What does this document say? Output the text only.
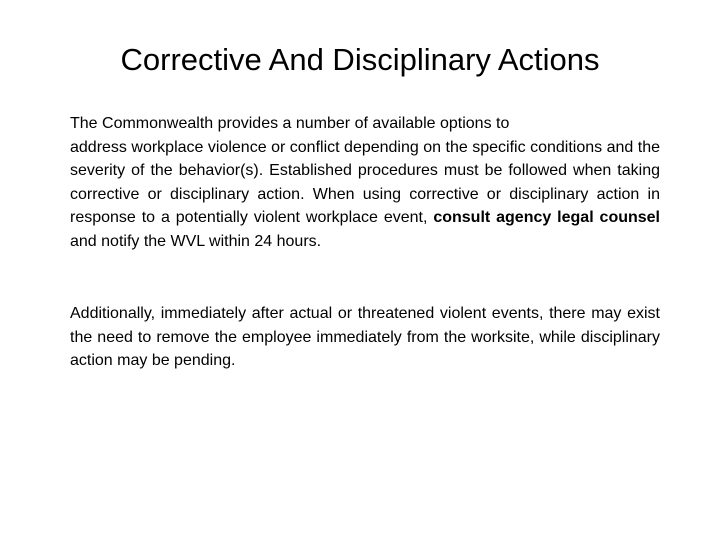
Corrective And Disciplinary Actions

The Commonwealth provides a number of available options to
address workplace violence or conflict depending on the specific conditions and the severity of the behavior(s). Established procedures must be followed when taking corrective or disciplinary action. When using corrective or disciplinary action in response to a potentially violent workplace event, consult agency legal counsel and notify the WVL within 24 hours.

Additionally, immediately after actual or threatened violent events, there may exist the need to remove the employee immediately from the worksite, while disciplinary action may be pending.
